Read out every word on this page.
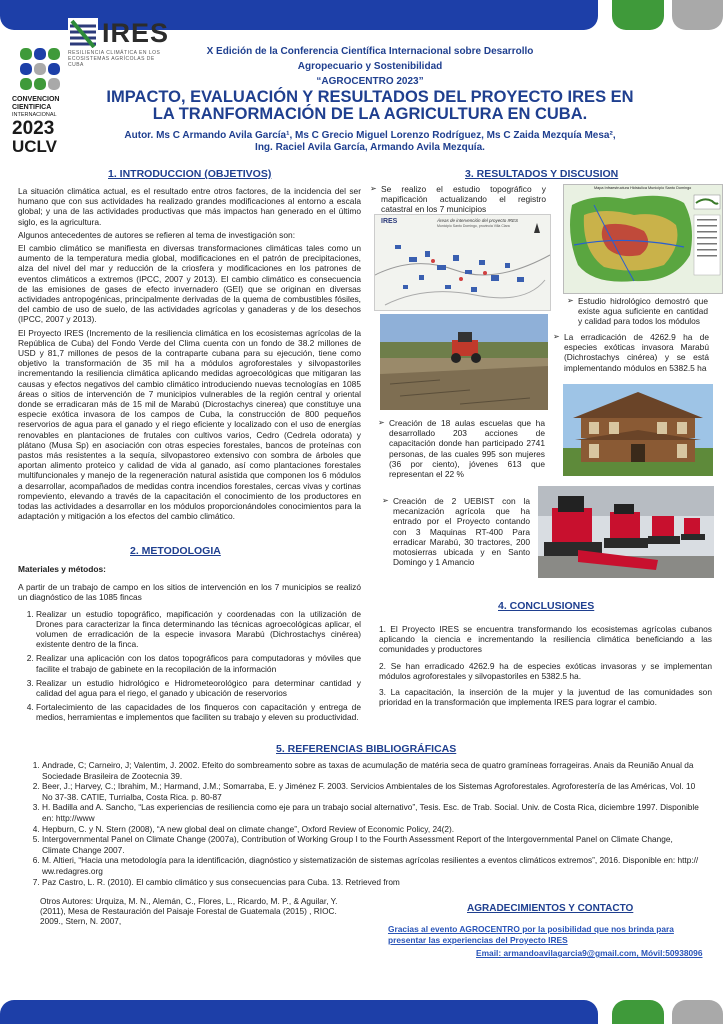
IRES
RESILIENCIA CLIMÁTICA EN LOS
ECOSISTEMAS AGRÍCOLAS DE CUBA
CONVENCION
CIENTIFICA
INTERNACIONAL
2023
UCLV
X Edición de la Conferencia Científica Internacional sobre Desarrollo
Agropecuario y Sostenibilidad
“AGROCENTRO 2023”
IMPACTO, EVALUACIÓN Y RESULTADOS DEL PROYECTO IRES EN
LA TRANFORMACIÓN DE LA AGRICULTURA EN CUBA.
Autor. Ms C Armando Avila García¹, Ms C Grecio Miguel Lorenzo Rodríguez, Ms C Zaida Mezquía Mesa²,
Ing. Raciel Avila García, Armando Avila Mezquía.
1. INTRODUCCION (OBJETIVOS)

La situación climática actual, es el resultado entre otros factores, de la incidencia del ser humano que con sus actividades ha realizado grandes modificaciones al entorno a escala global; y una de las actividades productivas que más impactos han generado en el último siglo, es la agricultura.

Algunos antecedentes de autores se refieren al tema de investigación son:

El cambio climático se manifiesta en diversas transformaciones climáticas tales como un aumento de la temperatura media global, modificaciones en el patrón de precipitaciones, alza del nivel del mar y reducción de la criosfera y modificaciones en los patrones de eventos climáticos a extremos (IPCC, 2007 y 2013). El cambio climático es consecuencia de las emisiones de gases de efecto invernadero (GEI) que se originan en diversas actividades antropogénicas, principalmente derivadas de la quema de combustibles fósiles, del cambio de uso de suelo, de las actividades agrícolas y ganaderas y de los desechos (IPCC, 2007 y 2013).

El Proyecto IRES (Incremento de la resiliencia climática en los ecosistemas agrícolas de la República de Cuba) del Fondo Verde del Clima cuenta con un fondo de 38.2 millones de USD y 81,7 millones de pesos de la contraparte cubana para su ejecución, tiene como objetivo la transformación de 35 mil ha a módulos agroforestales y silvopastoriles incrementando la resiliencia climática aplicando medidas agroecológicas que mitigaran las causas y efectos negativos del cambio climático introduciendo nuevas tecnologías en 1085 áreas o sitios de intervención de 7 municipios vulnerables de la región central y oriental donde se erradicaran más de 15 mil de Marabú (Dicrostachys cinerea) que constituye una especie exótica invasora de los campos de Cuba, la construcción de 800 pequeños reservorios de agua para el ganado y el riego eficiente y localizado con el uso de energías renovables en plantaciones de frutales con cultivos varios, Cedro (Cedrela odorata) y plátano (Musa Sp) en asociación con otras especies forestales, bancos de proteínas con pastos más resistentes a la sequía, silvopastoreo extensivo con sombra de árboles que aportan alimento proteico y calidad de vida al ganado, así como plantaciones forestales multifuncionales y manejo de la regeneración natural asistida que componen los 6 módulos a desarrollar, acompañados de medidas contra incendios forestales, cercas vivas y cortinas rompeviento, elevando a través de la capacitación el conocimiento de los productores en todas las actividades a desarrollar en los módulos proporcionándoles conocimientos para la adaptación y mitigación a los efectos del cambio climático.

2. METODOLOGIA

Materiales y métodos:

A partir de un trabajo de campo en los sitios de intervención en los 7 municipios se realizó un diagnóstico de las 1085 fincas

1. Realizar un estudio topográfico, mapificación y coordenadas con la utilización de Drones para caracterizar la finca determinando las técnicas agroecológicas aplicar, el volumen de erradicación de la especie invasora Marabú (Dichrostachys cinérea) existente dentro de la finca.
2. Realizar una aplicación con los datos topográficos para computadoras y móviles que facilite el trabajo de gabinete en la recopilación de la información
3. Realizar un estudio hidrológico e Hidrometeorológico para determinar cantidad y calidad del agua para el riego, el ganado y ubicación de reservorios
4. Fortalecimiento de las capacidades de los finqueros con capacitación y entrega de medios, herramientas e implementos que faciliten su trabajo y eleven su productividad.
3. RESULTADOS Y DISCUSION
➢ Se realizo el estudio topográfico y mapificación actualizando el registro catastral en los 7 municipios
Áreas de intervención del proyecto IRES
Municipio Santo Domingo, provincia Villa Clara
IRES
Mapa Infraestructura Hidráulica Municipio Santo Domingo
➢ Estudio hidrológico demostró que existe agua suficiente en cantidad y calidad para todos los módulos
➢ La erradicación de 4262.9 ha de especies exóticas invasora Marabú (Dichrostachys cinérea) y se está implementando módulos en 5382.5 ha
➢ Creación de 18 aulas escuelas que ha desarrollado 203 acciones de capacitación donde han participado 2741 personas, de las cuales 995 son mujeres (36 por ciento), jóvenes 613 que representan el 22 %
➢ Creación de 2 UEBIST con la mecanización agrícola que ha entrado por el Proyecto contando con 3 Maquinas RT-400 Para erradicar Marabú, 30 tractores, 200 motosierras ubicada y en Santo Domingo y 1 Amancio
4. CONCLUSIONES

1. El Proyecto IRES se encuentra transformando los ecosistemas agrícolas cubanos aplicando la ciencia e incrementando la resiliencia climática beneficiando a las comunidades y productores

2. Se han erradicado 4262.9 ha de especies exóticas invasoras y se implementan módulos agroforestales y silvopastoriles en 5382.5 ha.

3. La capacitación, la inserción de la mujer y la juventud de las comunidades son prioridad en la transformación que implementa IRES para lograr el cambio.

5. REFERENCIAS BIBLIOGRÁFICAS
1. Andrade, C; Carneiro, J; Valentim, J. 2002. Efeito do sombreamento sobre as taxas de acumulação de matéria seca de quatro gramíneas forrageiras. Anais da Reunião Anual da Sociedade Brasileira de Zootecnia 39.
2. Beer, J.; Harvey, C.; Ibrahim, M.; Harmand, J.M.; Somarraba, E. y Jiménez F. 2003. Servicios Ambientales de los Sistemas Agroforestales. Agroforestería de las Américas, Vol. 10 No 37-38. CATIE, Turrialba, Costa Rica. p. 80-87
3. H. Badilla and A. Sancho, “Las experiencias de resiliencia como eje para un trabajo social alternativo”, Tesis. Esc. de Trab. Social. Univ. de Costa Rica, diciembre 1997. Disponible en: http://www
4. Hepburn, C. y N. Stern (2008), “A new global deal on climate change”, Oxford Review of Economic Policy, 24(2).
5. Intergovernmental Panel on Climate Change (2007a), Contribution of Working Group I to the Fourth Assessment Report of the Intergovernmental Panel on Climate Change, Climate Change 2007.
6. M. Altieri, “Hacia una metodología para la identificación, diagnóstico y sistematización de sistemas agrícolas resilientes a eventos climáticos extremos”, 2016. Disponible en: http:// ww.redagres.org
7. Paz Castro, L. R. (2010). El cambio climático y sus consecuencias para Cuba. 13. Retrieved from
Otros Autores: Urquiza, M. N., Alemán, C., Flores, L., Ricardo, M. P., & Aguilar, Y. (2011), Mesa de Restauración del Paisaje Forestal de Guatemala (2015) , RIOC. 2009., Stern, N. 2007,
AGRADECIMIENTOS Y CONTACTO
Gracias al evento AGROCENTRO por la posibilidad que nos brinda para presentar las experiencias del Proyecto IRES
Email: armandoavilagarcia9@gmail.com, Móvil:50938096
